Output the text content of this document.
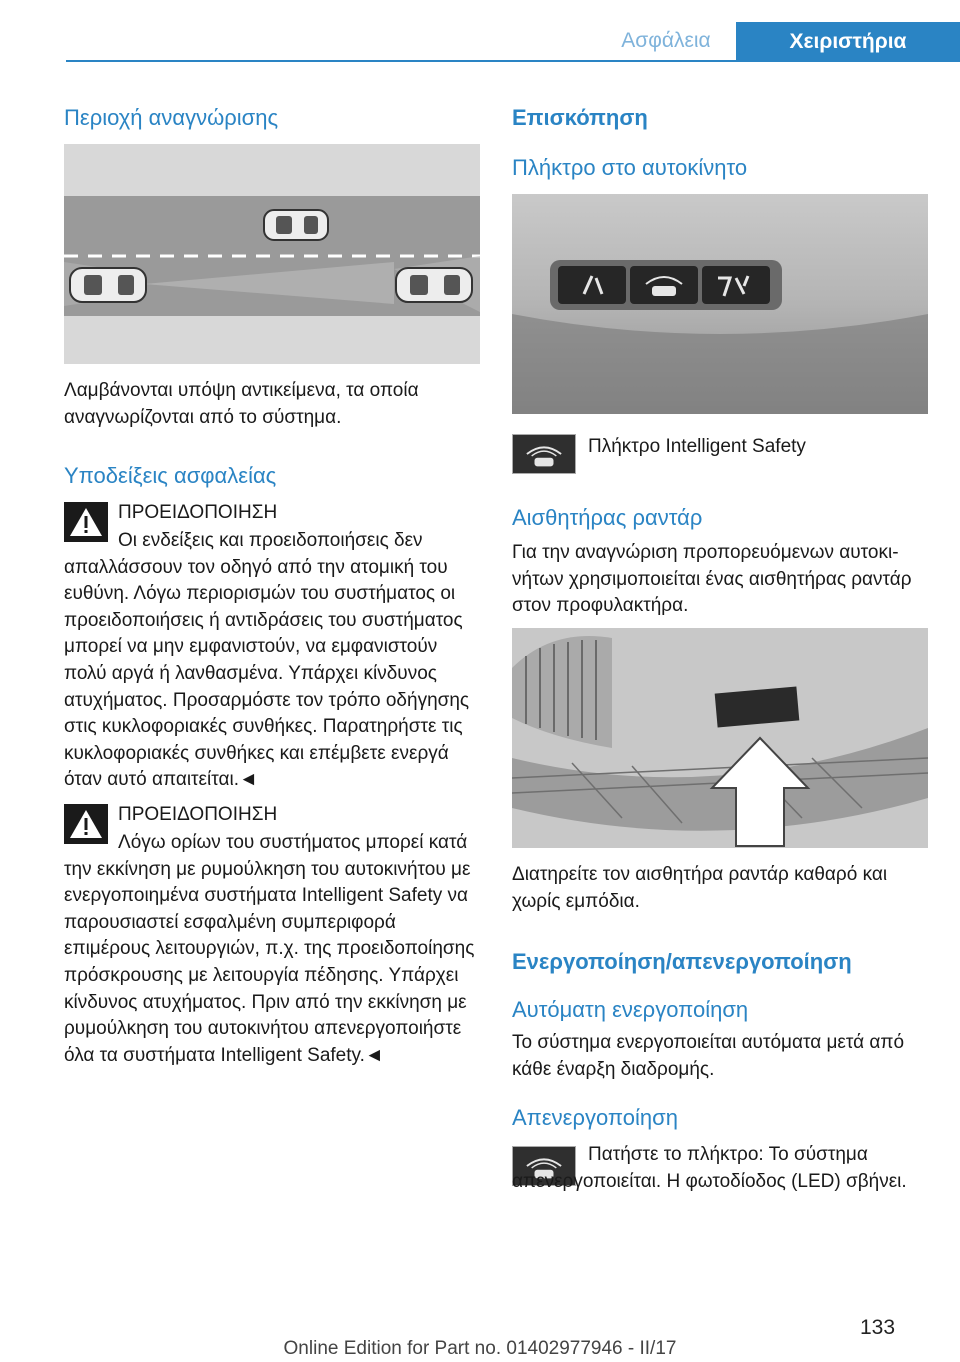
Ασφάλεια	Χειριστήρια
Περιοχή αναγνώρισης
Λαμβάνονται υπόψη αντικείμενα, τα οποία αναγνωρίζονται από το σύστημα.
Υποδείξεις ασφαλείας
ΠΡΟΕΙΔΟΠΟΙΗΣΗ
Οι ενδείξεις και προειδοποιήσεις δεν απαλλάσσουν τον οδηγό από την ατομική του ευθύνη. Λόγω περιορισμών του συστήματος οι προειδοποιήσεις ή αντιδράσεις του συστήματος μπορεί να μην εμφανιστούν, να εμφανιστούν πολύ αργά ή λανθασμένα. Υπάρχει κίνδυνος ατυχήματος. Προσαρμόστε τον τρόπο οδήγησης στις κυκλοφοριακές συνθήκες. Παρατηρήστε τις κυκλοφοριακές συνθήκες και επέμβετε ενεργά όταν αυτό απαιτείται.◄
ΠΡΟΕΙΔΟΠΟΙΗΣΗ
Λόγω ορίων του συστήματος μπορεί κατά την εκκίνηση με ρυμούλκηση του αυτοκινήτου με ενεργοποιημένα συστήματα Intelligent Safety να παρουσιαστεί εσφαλμένη συμπεριφορά επιμέρους λειτουργιών, π.χ. της προειδοποίησης πρόσκρουσης με λειτουργία πέδησης. Υπάρχει κίνδυνος ατυχήματος. Πριν από την εκκίνηση με ρυμούλκηση του αυτοκινήτου απενεργοποιήστε όλα τα συστήματα Intelligent Safety.◄
Επισκόπηση
Πλήκτρο στο αυτοκίνητο
Πλήκτρο Intelligent Safety
Αισθητήρας ραντάρ
Για την αναγνώριση προπορευόμενων αυτοκινήτων χρησιμοποιείται ένας αισθητήρας ραντάρ στον προφυλακτήρα.
Διατηρείτε τον αισθητήρα ραντάρ καθαρό και χωρίς εμπόδια.
Ενεργοποίηση/απενεργοποίηση
Αυτόματη ενεργοποίηση
Το σύστημα ενεργοποιείται αυτόματα μετά από κάθε έναρξη διαδρομής.
Απενεργοποίηση
Πατήστε το πλήκτρο: Το σύστημα απενεργοποιείται. Η φωτοδίοδος (LED) σβήνει.
133
Online Edition for Part no. 01402977946 - II/17
